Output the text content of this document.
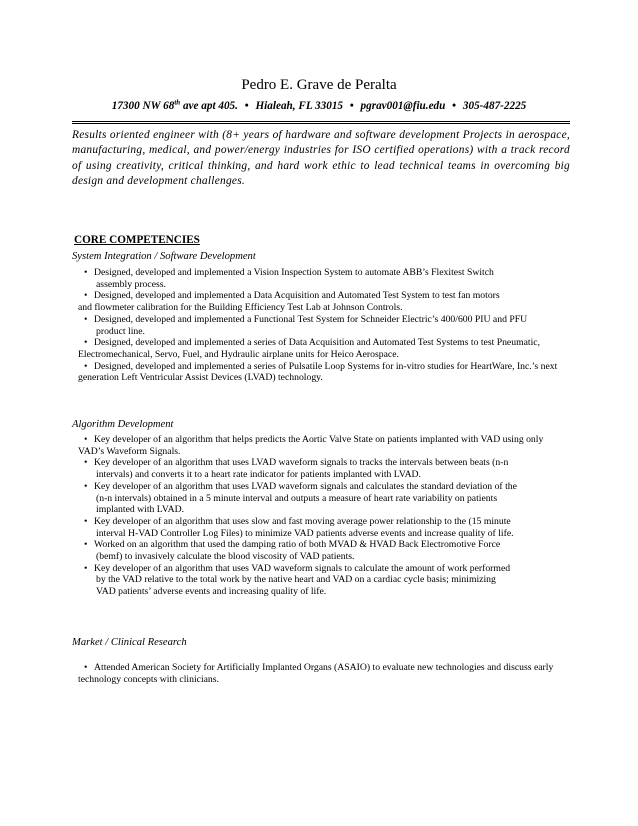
Pedro E. Grave de Peralta
17300 NW 68th ave apt 405. • Hialeah, FL 33015 • pgrav001@fiu.edu • 305-487-2225
Results oriented engineer with (8+ years of hardware and software development Projects in aerospace, manufacturing, medical, and power/energy industries for ISO certified operations) with a track record of using creativity, critical thinking, and hard work ethic to lead technical teams in overcoming big design and development challenges.
CORE COMPETENCIES
System Integration / Software Development
• Designed, developed and implemented a Vision Inspection System to automate ABB’s Flexitest Switch
assembly process.
• Designed, developed and implemented a Data Acquisition and Automated Test System to test fan motors
and flowmeter calibration for the Building Efficiency Test Lab at Johnson Controls.
• Designed, developed and implemented a Functional Test System for Schneider Electric’s 400/600 PIU and PFU
product line.
• Designed, developed and implemented a series of Data Acquisition and Automated Test Systems to test Pneumatic,
Electromechanical, Servo, Fuel, and Hydraulic airplane units for Heico Aerospace.
• Designed, developed and implemented a series of Pulsatile Loop Systems for in-vitro studies for HeartWare, Inc.’s next
generation Left Ventricular Assist Devices (LVAD) technology.
Algorithm Development
• Key developer of an algorithm that helps predicts the Aortic Valve State on patients implanted with VAD using only
VAD’s Waveform Signals.
• Key developer of an algorithm that uses LVAD waveform signals to tracks the intervals between beats (n-n
intervals) and converts it to a heart rate indicator for patients implanted with LVAD.
• Key developer of an algorithm that uses LVAD waveform signals and calculates the standard deviation of the
(n-n intervals) obtained in a 5 minute interval and outputs a measure of heart rate variability on patients
implanted with LVAD.
• Key developer of an algorithm that uses slow and fast moving average power relationship to the (15 minute
interval H-VAD Controller Log Files) to minimize VAD patients adverse events and increase quality of life.
• Worked on an algorithm that used the damping ratio of both MVAD & HVAD Back Electromotive Force
(bemf) to invasively calculate the blood viscosity of VAD patients.
• Key developer of an algorithm that uses VAD waveform signals to calculate the amount of work performed
by the VAD relative to the total work by the native heart and VAD on a cardiac cycle basis; minimizing
VAD patients’ adverse events and increasing quality of life.
Market / Clinical Research
• Attended American Society for Artificially Implanted Organs (ASAIO) to evaluate new technologies and discuss early
technology concepts with clinicians.
